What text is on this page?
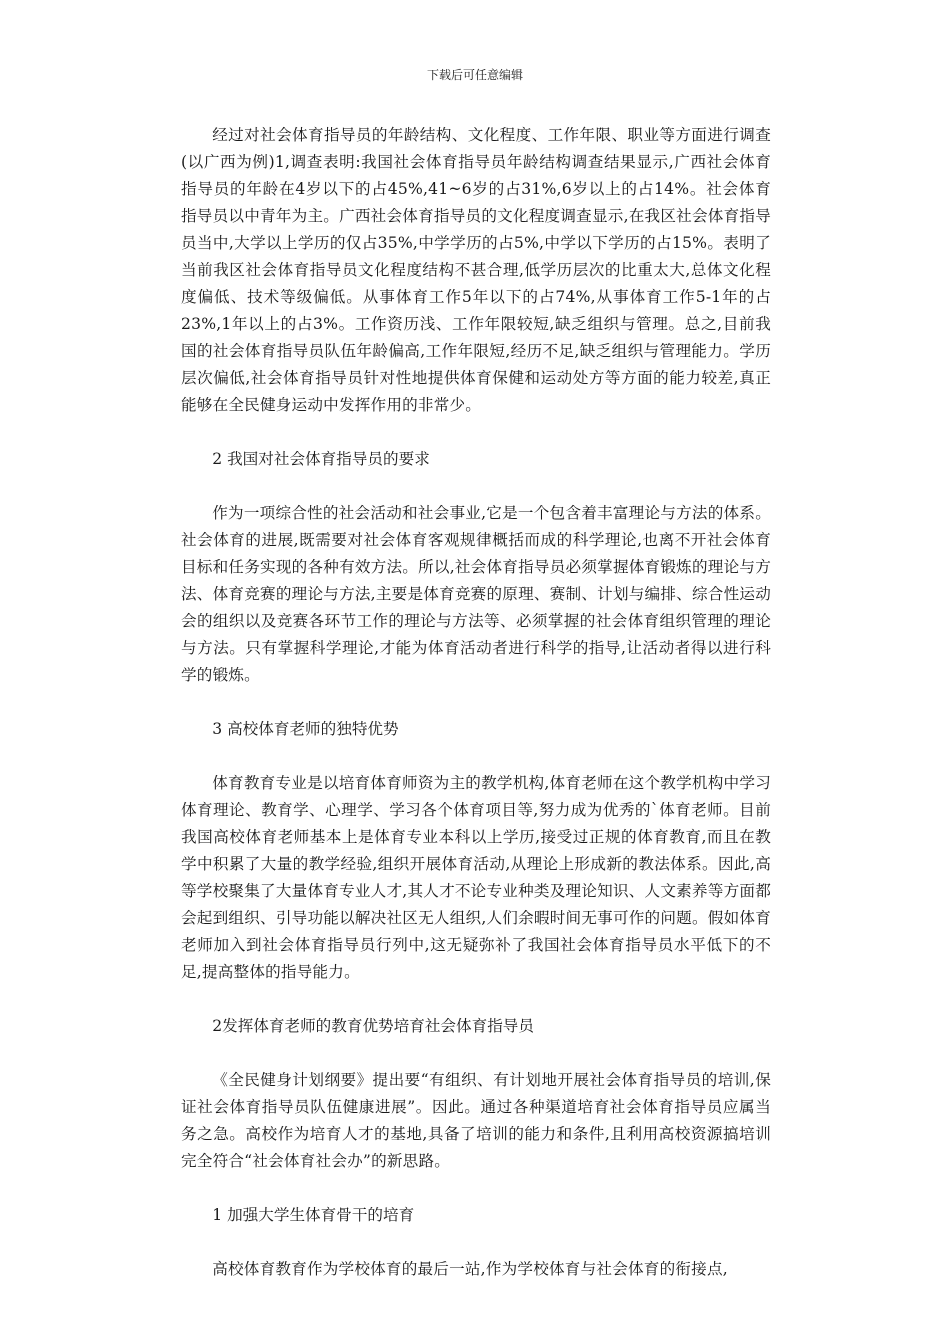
下载后可任意编辑

经过对社会体育指导员的年龄结构、文化程度、工作年限、职业等方面进行调查(以广西为例)1,调查表明:我国社会体育指导员年龄结构调查结果显示,广西社会体育指导员的年龄在4岁以下的占45%,41~6岁的占31%,6岁以上的占14%。社会体育指导员以中青年为主。广西社会体育指导员的文化程度调查显示,在我区社会体育指导员当中,大学以上学历的仅占35%,中学学历的占5%,中学以下学历的占15%。表明了当前我区社会体育指导员文化程度结构不甚合理,低学历层次的比重太大,总体文化程度偏低、技术等级偏低。从事体育工作5年以下的占74%,从事体育工作5-1年的占23%,1年以上的占3%。工作资历浅、工作年限较短,缺乏组织与管理。总之,目前我国的社会体育指导员队伍年龄偏高,工作年限短,经历不足,缺乏组织与管理能力。学历层次偏低,社会体育指导员针对性地提供体育保健和运动处方等方面的能力较差,真正能够在全民健身运动中发挥作用的非常少。

2 我国对社会体育指导员的要求

作为一项综合性的社会活动和社会事业,它是一个包含着丰富理论与方法的体系。社会体育的进展,既需要对社会体育客观规律概括而成的科学理论,也离不开社会体育目标和任务实现的各种有效方法。所以,社会体育指导员必须掌握体育锻炼的理论与方法、体育竞赛的理论与方法,主要是体育竞赛的原理、赛制、计划与编排、综合性运动会的组织以及竞赛各环节工作的理论与方法等、必须掌握的社会体育组织管理的理论与方法。只有掌握科学理论,才能为体育活动者进行科学的指导,让活动者得以进行科学的锻炼。

3 高校体育老师的独特优势

体育教育专业是以培育体育师资为主的教学机构,体育老师在这个教学机构中学习体育理论、教育学、心理学、学习各个体育项目等,努力成为优秀的`体育老师。目前我国高校体育老师基本上是体育专业本科以上学历,接受过正规的体育教育,而且在教学中积累了大量的教学经验,组织开展体育活动,从理论上形成新的教法体系。因此,高等学校聚集了大量体育专业人才,其人才不论专业种类及理论知识、人文素养等方面都会起到组织、引导功能以解决社区无人组织,人们余暇时间无事可作的问题。假如体育老师加入到社会体育指导员行列中,这无疑弥补了我国社会体育指导员水平低下的不足,提高整体的指导能力。

2发挥体育老师的教育优势培育社会体育指导员

《全民健身计划纲要》提出要“有组织、有计划地开展社会体育指导员的培训,保证社会体育指导员队伍健康进展”。因此。通过各种渠道培育社会体育指导员应属当务之急。高校作为培育人才的基地,具备了培训的能力和条件,且利用高校资源搞培训完全符合“社会体育社会办”的新思路。

1 加强大学生体育骨干的培育

高校体育教育作为学校体育的最后一站,作为学校体育与社会体育的衔接点,
